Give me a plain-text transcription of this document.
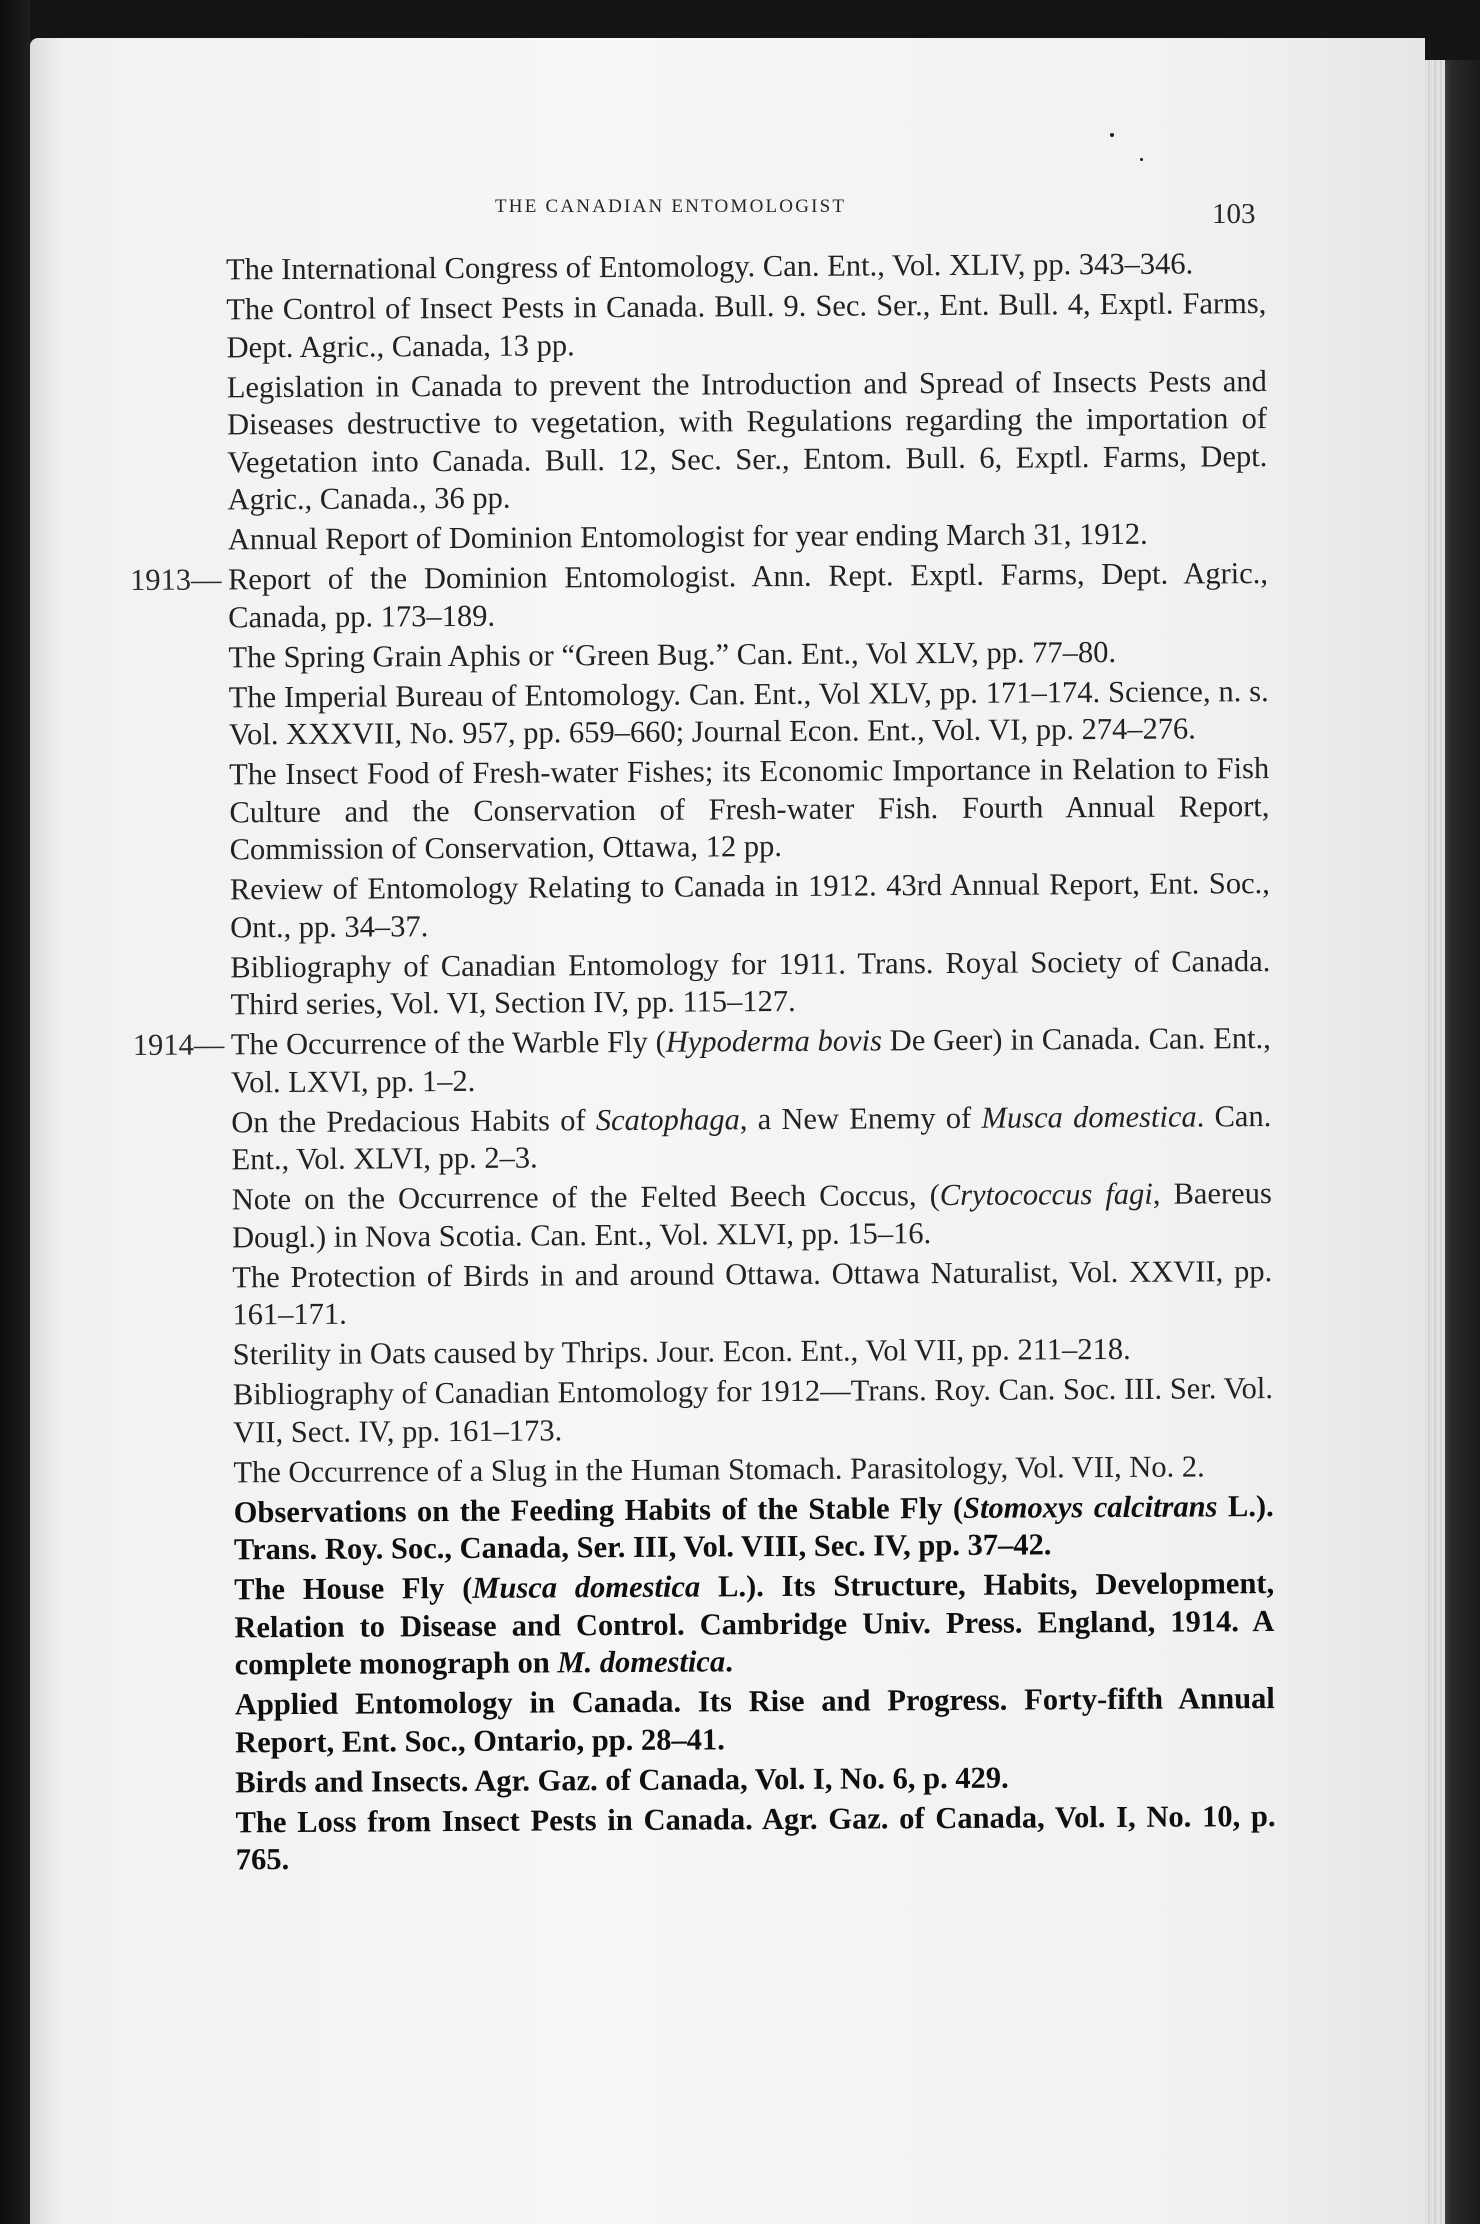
THE CANADIAN ENTOMOLOGIST	103
The International Congress of Entomology. Can. Ent., Vol. XLIV, pp. 343–346.
The Control of Insect Pests in Canada. Bull. 9. Sec. Ser., Ent. Bull. 4, Exptl. Farms, Dept. Agric., Canada, 13 pp.
Legislation in Canada to prevent the Introduction and Spread of Insects Pests and Diseases destructive to vegetation, with Regulations regarding the importation of Vegetation into Canada. Bull. 12, Sec. Ser., Entom. Bull. 6, Exptl. Farms, Dept. Agric., Canada., 36 pp.
Annual Report of Dominion Entomologist for year ending March 31, 1912.
1913— Report of the Dominion Entomologist. Ann. Rept. Exptl. Farms, Dept. Agric., Canada, pp. 173–189.
The Spring Grain Aphis or “Green Bug.” Can. Ent., Vol XLV, pp. 77–80.
The Imperial Bureau of Entomology. Can. Ent., Vol XLV, pp. 171–174. Science, n. s. Vol. XXXVII, No. 957, pp. 659–660; Journal Econ. Ent., Vol. VI, pp. 274–276.
The Insect Food of Fresh-water Fishes; its Economic Importance in Relation to Fish Culture and the Conservation of Fresh-water Fish. Fourth Annual Report, Commission of Conservation, Ottawa, 12 pp.
Review of Entomology Relating to Canada in 1912. 43rd Annual Report, Ent. Soc., Ont., pp. 34–37.
Bibliography of Canadian Entomology for 1911. Trans. Royal Society of Canada. Third series, Vol. VI, Section IV, pp. 115–127.
1914— The Occurrence of the Warble Fly (Hypoderma bovis De Geer) in Canada. Can. Ent., Vol. LXVI, pp. 1–2.
On the Predacious Habits of Scatophaga, a New Enemy of Musca domestica. Can. Ent., Vol. XLVI, pp. 2–3.
Note on the Occurrence of the Felted Beech Coccus, (Crytococcus fagi, Baereus Dougl.) in Nova Scotia. Can. Ent., Vol. XLVI, pp. 15–16.
The Protection of Birds in and around Ottawa. Ottawa Naturalist, Vol. XXVII, pp. 161–171.
Sterility in Oats caused by Thrips. Jour. Econ. Ent., Vol VII, pp. 211–218.
Bibliography of Canadian Entomology for 1912—Trans. Roy. Can. Soc. III. Ser. Vol. VII, Sect. IV, pp. 161–173.
The Occurrence of a Slug in the Human Stomach. Parasitology, Vol. VII, No. 2.
Observations on the Feeding Habits of the Stable Fly (Stomoxys calcitrans L.). Trans. Roy. Soc., Canada, Ser. III, Vol. VIII, Sec. IV, pp. 37–42.
The House Fly (Musca domestica L.). Its Structure, Habits, Development, Relation to Disease and Control. Cambridge Univ. Press. England, 1914. A complete monograph on M. domestica.
Applied Entomology in Canada. Its Rise and Progress. Forty-fifth Annual Report, Ent. Soc., Ontario, pp. 28–41.
Birds and Insects. Agr. Gaz. of Canada, Vol. I, No. 6, p. 429.
The Loss from Insect Pests in Canada. Agr. Gaz. of Canada, Vol. I, No. 10, p. 765.
